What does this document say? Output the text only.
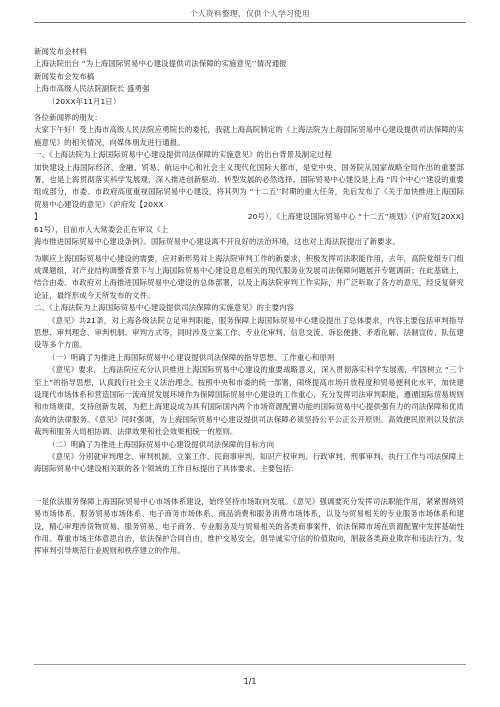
个人资料整理，仅供个人学习使用

新闻发布会材料

上海法院出台 “为上海国际贸易中心建设提供司法保障的实施意见’’情况通报

新闻发布会发布稿

上海市高级人民法院副院长 盛勇强

（20XX年11月1日）

各位新闻界的朋友：

大家下午好！受上海市高级人民法院应勇院长的委托，我就上海高院制定的《上海法院为上海国际贸易中心建设提供司法保障的实施意见》的相关情况，向媒体朋友进行通报。

一、《上海法院为上海国际贸易中心建设提供司法保障的实施意见》的出台背景及制定过程

加快建设上海国际经济、金融、贸易、航运中心和社会主义现代化国际大都市，是党中央、国务院从国家战略全局作出的重要部署，也是上海贯彻落实科学发展观，深入推进创新驱动、转型发展的必然选择。国际贸易中心建设是上海 “四个中心’’建设的重要组成部分，市委、市政府高度重视国际贸易中心建设，将其列为 “十二五’’时期的重大任务，先后发布了《关于加快推进上海国际贸易中心建设的意见》（沪府发【20XX

】	20号）、《上海建设国际贸易中心 “十二五”规划》（沪府发[20XX]

61号），目前市人大常委会正在审议《上

海市推进国际贸易中心建设条例》。国际贸易中心建设离不开良好的法治环境，这也对上海法院提出了新要求。

为顺应上海国际贸易中心建设的需要，应对新形势对上海法院审判工作的新要求，积极发挥司法职能作用，去年，高院党组专门组成课题组，对产业结构调整背景下与上海国际贸易中心建设息息相关的现代服务业发展司法保障问题展开专题调研；在此基础上，结合由委、市政府对上海推进国际贸易中心建设的总体部署，以及上海法院审判工作实际，并广泛听取了各方的意见，经反复研究论证，最终形成今天所发布的文件。

二、《上海法院为上海国际贸易中心建设提供司法保障的实施意见》的主要内容

《意见》共21条，对上海各级法院立足审判职能，服务保障上海国际贸易中心建设提出了总体要求，内容主要包括审判指导思想、审判理念、审判机制、审判方式等，同时涉及立案工作、专业化审判、信息交流、诉讼便捷、矛盾化解、法制宣传、队伍建设等多个方面。

（一）明确了为推进上海国际贸易中心建设提供司法保障的指导思想、工作重心和原则

《意见》要求，上海法院应充分认识推进上海国际贸易中心建设的重要战略意义，深入贯彻落实科学发展观，牢固树立 “三个至上”的指导思想，认真践行社会主义法治理念。按照中央和市委的统一部署，闹绕提高市场开放程度和贸易便利化水平，加快建设现代市场体系和营造国际一流商贸发展环境作为保障国际贸易中心建设的工作重心，充分发挥司法审判职能，遵循国际贸易规则和市场规律，支持创新发展，为把上海建设成为具有国际国内两个市场资源配置功能的国际贸易中心提供强有力的司法保障和优质高效的法律服务。《意见》同时强调，为上海国际贸易中心建设提供司法保障必须坚持公平公正公开原则、高效便民原则以及依法裁判和服务大局相协调、法律效果和社会效果相统一的原则。

（二）明确了为推进上海国际贸易中心建设提供司法保障的目标方向

《意见》分别就审判理念、审判机制、立案工作、民商事审判、知识产权审判、行政审判、刑事审判、执行工作与司法保障上海国际贸易中心建设相关联的各个领域的工作目标提出了具体要求。主要包括：

一是依法服务保障上海国际贸易中心市场体系建设，始终坚持市场取向发展。《意见》强调要充分发挥司法职能作用，紧紧围绕贸易市场体系、服务贸易市场体系、电子商务市场体系、商品消费和服务消费市场体系，以及与贸易相关的专业服务市场体系和建设，精心审理涉货物贸易、服务贸易、电子商务、专业服务及与贸易相关的各类商事案件，依法保障市场在资源配置中发挥基础性作用。尊重市场主体意思自治，依法保护合同自由，维护交易安全，倡导诚实守信的价值取向，制裁各类商业欺诈和违法行为，发挥审判引导规范行业规则和秩序建立的作用。

1/1
